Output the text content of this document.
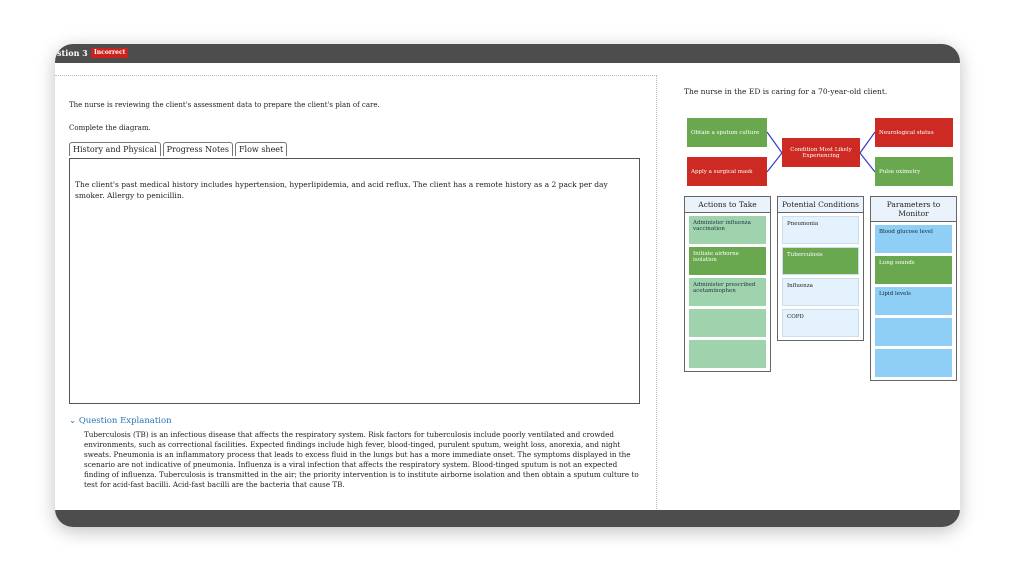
stion 3	Incorrect
The nurse is reviewing the client's assessment data to prepare the client's plan of care.
Complete the diagram.
History and Physical	Progress Notes	Flow sheet
The client's past medical history includes hypertension, hyperlipidemia, and acid reflux. The client has a remote history as a 2 pack per day smoker. Allergy to penicillin.
⌄ Question Explanation
Tuberculosis (TB) is an infectious disease that affects the respiratory system. Risk factors for tuberculosis include poorly ventilated and crowded environments, such as correctional facilities. Expected findings include high fever, blood-tinged, purulent sputum, weight loss, anorexia, and night sweats. Pneumonia is an inflammatory process that leads to excess fluid in the lungs but has a more immediate onset. The symptoms displayed in the scenario are not indicative of pneumonia. Influenza is a viral infection that affects the respiratory system. Blood-tinged sputum is not an expected finding of influenza. Tuberculosis is transmitted in the air; the priority intervention is to institute airborne isolation and then obtain a sputum culture to test for acid-fast bacilli. Acid-fast bacilli are the bacteria that cause TB.
The nurse in the ED is caring for a 70-year-old client.
Obtain a sputum culture
Apply a surgical mask
Condition Most Likely Experiencing
Neurological status
Pulse oximetry
Actions to Take
Administer influenza vaccination
Initiate airborne isolation
Administer prescribed acetaminophen
Potential Conditions
Pneumonia
Tuberculosis
Influenza
COPD
Parameters to Monitor
Blood glucose level
Lung sounds
Lipid levels
